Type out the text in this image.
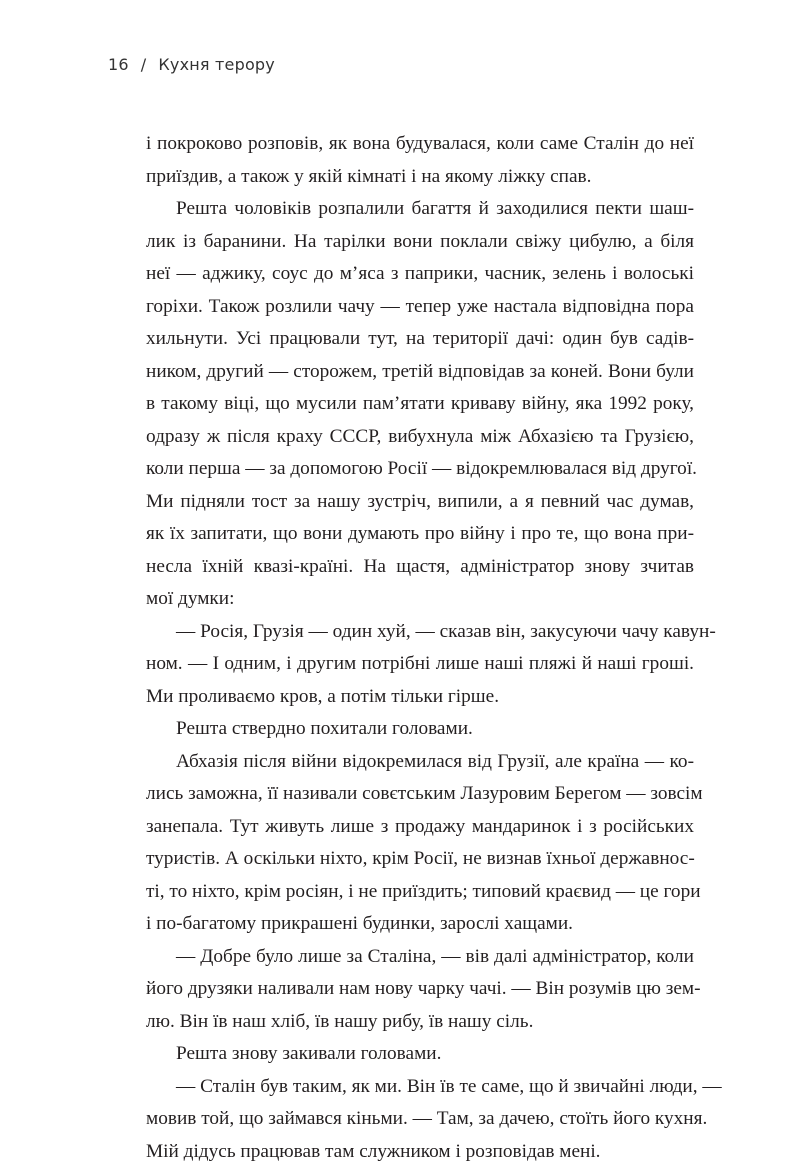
16 / Кухня терору
і покроково розповів, як вона будувалася, коли саме Сталін до неї
приїздив, а також у якій кімнаті і на якому ліжку спав.
Решта чоловіків розпалили багаття й заходилися пекти шаш-
лик із баранини. На тарілки вони поклали свіжу цибулю, а біля
неї — аджику, соус до м’яса з паприки, часник, зелень і волоські
горіхи. Також розлили чачу — тепер уже настала відповідна пора
хильнути. Усі працювали тут, на території дачі: один був садів-
ником, другий — сторожем, третій відповідав за коней. Вони були
в такому віці, що мусили пам’ятати криваву війну, яка 1992 року,
одразу ж після краху СССР, вибухнула між Абхазією та Грузією,
коли перша — за допомогою Росії — відокремлювалася від другої.
Ми підняли тост за нашу зустріч, випили, а я певний час думав,
як їх запитати, що вони думають про війну і про те, що вона при-
несла їхній квазі-країні. На щастя, адміністратор знову зчитав
мої думки:
— Росія, Грузія — один хуй, — сказав він, закусуючи чачу кавун-
ном. — І одним, і другим потрібні лише наші пляжі й наші гроші.
Ми проливаємо кров, а потім тільки гірше.
Решта ствердно похитали головами.
Абхазія після війни відокремилася від Грузії, але країна — ко-
лись заможна, її називали совєтським Лазуровим Берегом — зовсім
занепала. Тут живуть лише з продажу мандаринок і з російських
туристів. А оскільки ніхто, крім Росії, не визнав їхньої державнос-
ті, то ніхто, крім росіян, і не приїздить; типовий краєвид — це гори
і по-багатому прикрашені будинки, зарослі хащами.
— Добре було лише за Сталіна, — вів далі адміністратор, коли
його друзяки наливали нам нову чарку чачі. — Він розумів цю зем-
лю. Він їв наш хліб, їв нашу рибу, їв нашу сіль.
Решта знову закивали головами.
— Сталін був таким, як ми. Він їв те саме, що й звичайні люди, —
мовив той, що займався кіньми. — Там, за дачею, стоїть його кухня.
Мій дідусь працював там служником і розповідав мені.
